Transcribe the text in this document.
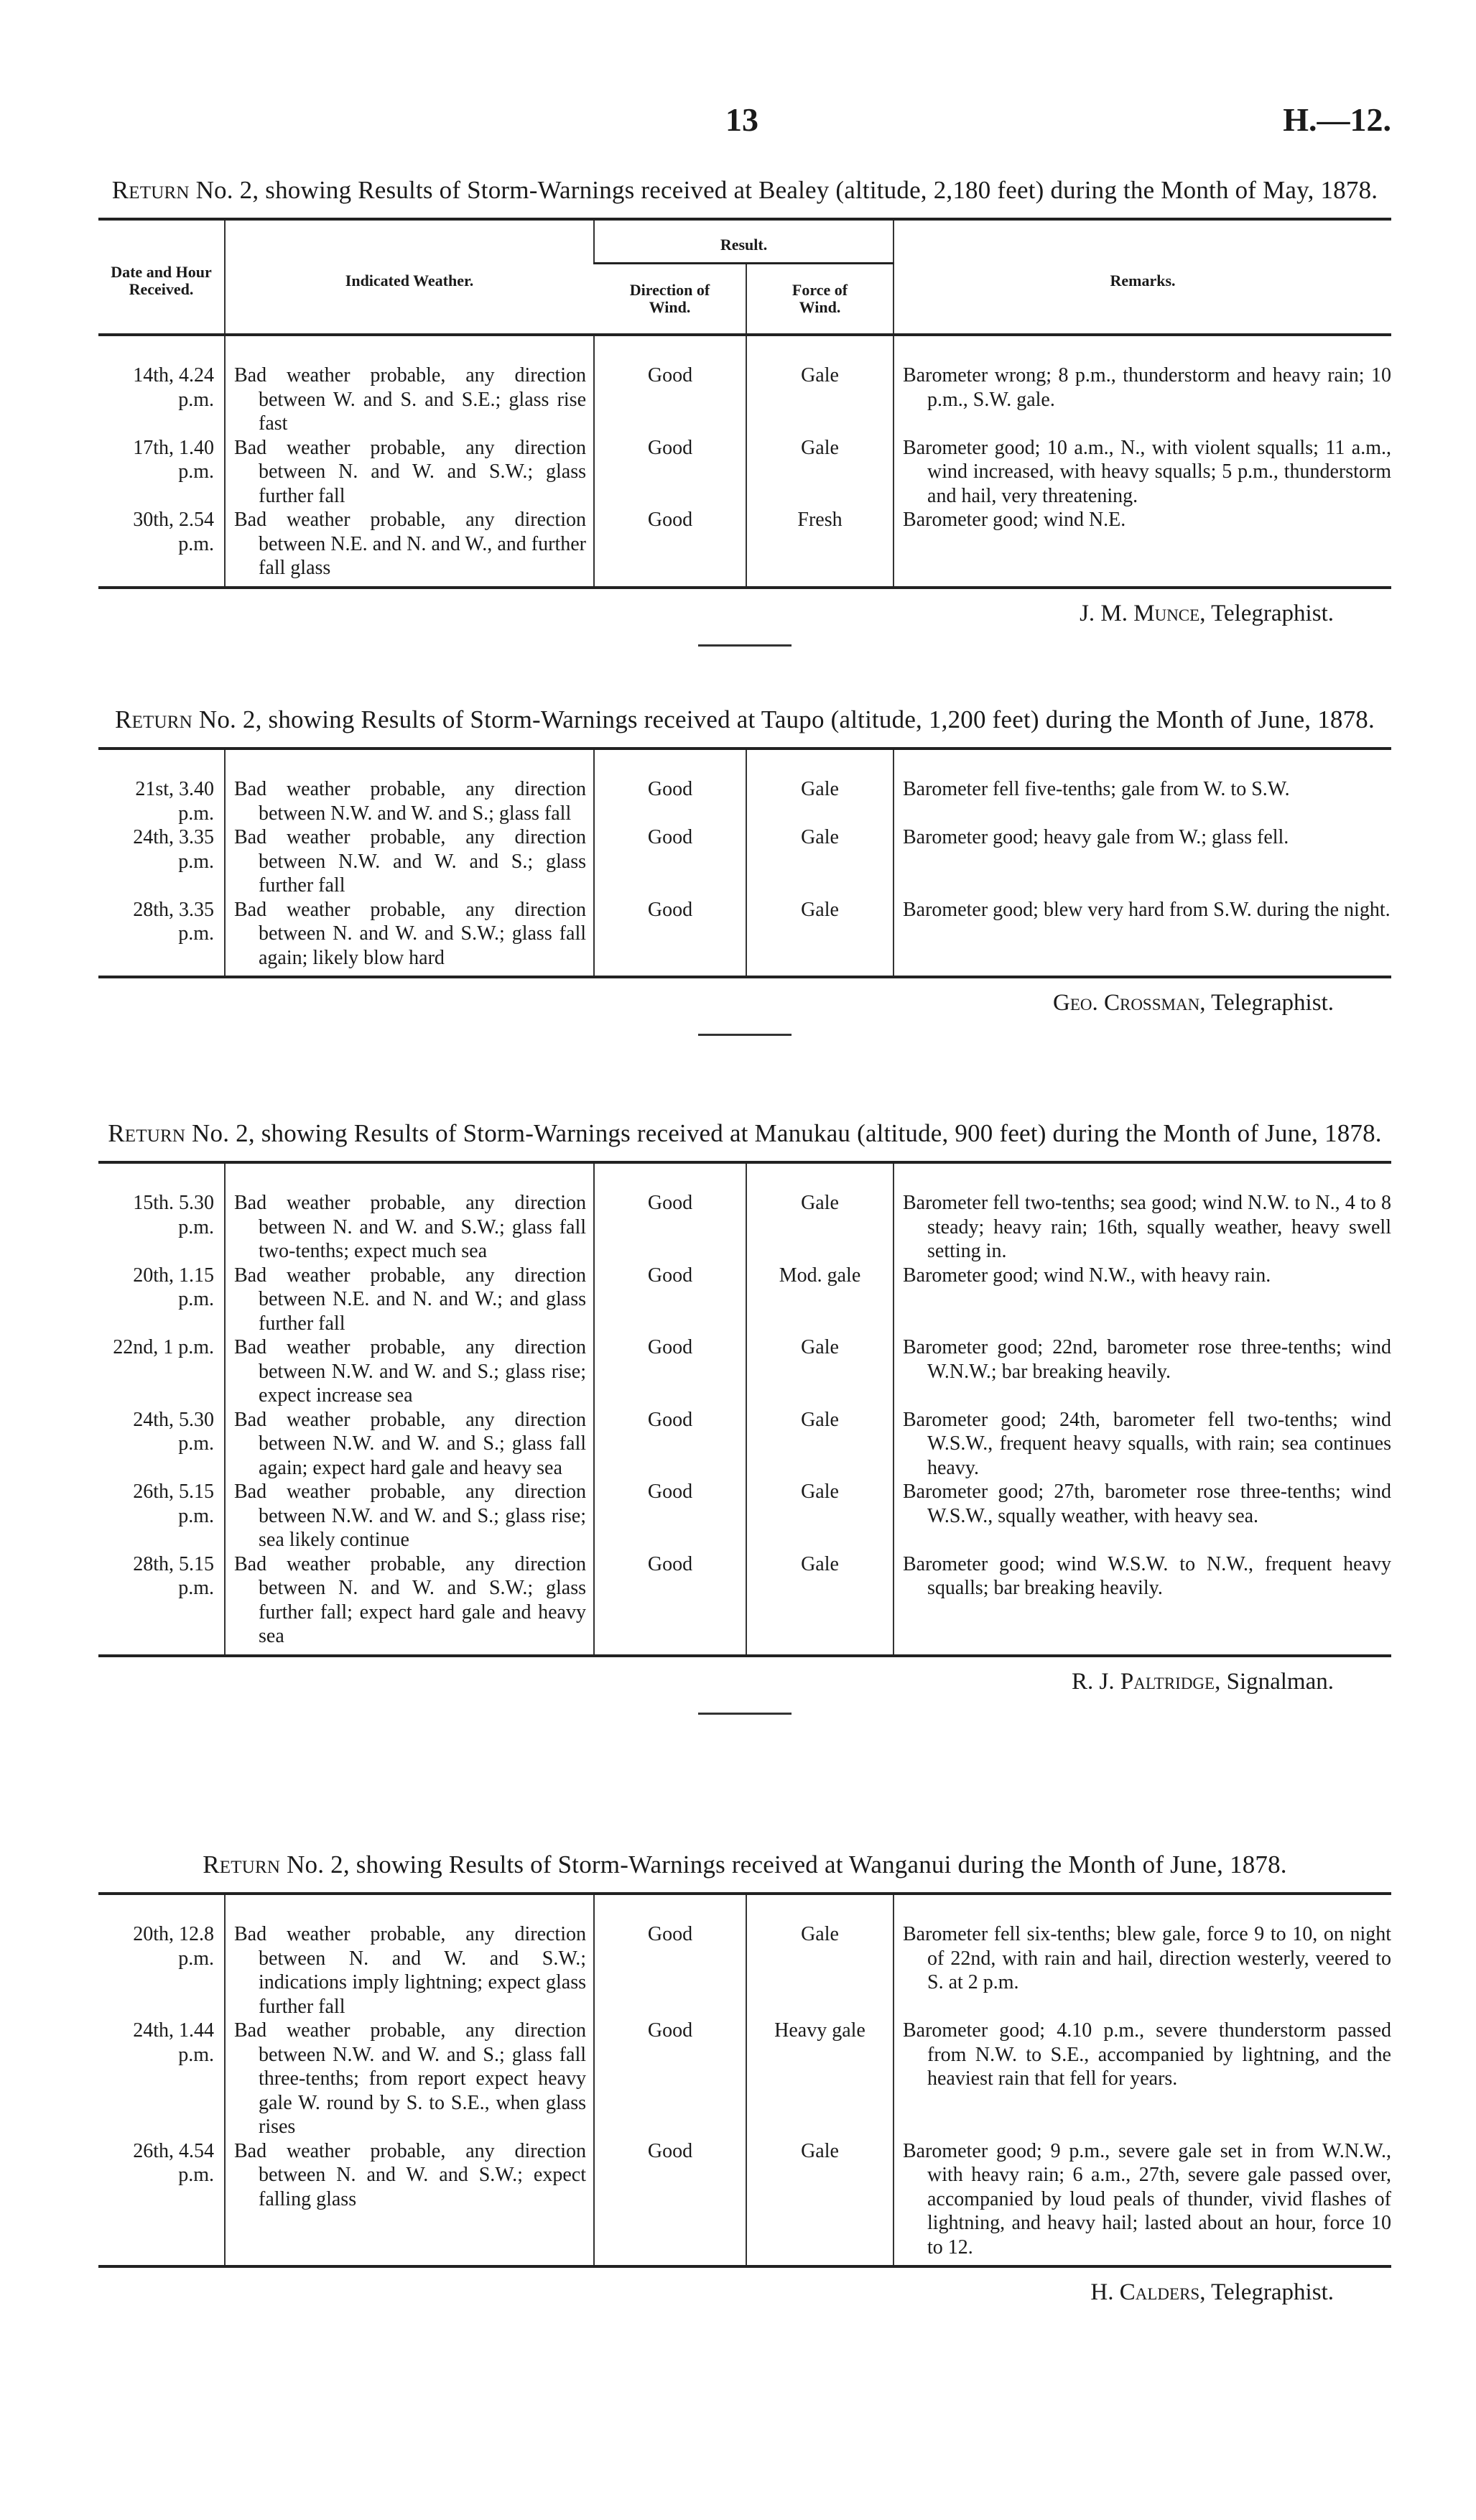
13	H.—12.
Return No. 2, showing Results of Storm-Warnings received at Bealey (altitude, 2,180 feet) during the Month of May, 1878.
Date and Hour Received.	Indicated Weather.	Result.		Remarks.
		Direction of Wind.	Force of Wind.	
14th, 4.24 p.m.	Bad weather probable, any direction between W. and S. and S.E.; glass rise fast	Good	Gale	Barometer wrong; 8 p.m., thunderstorm and heavy rain; 10 p.m., S.W. gale.

17th, 1.40 p.m.	Bad weather probable, any direction between N. and W. and S.W.; glass further fall	Good	Gale	Barometer good; 10 a.m., N., with violent squalls; 11 a.m., wind increased, with heavy squalls; 5 p.m., thunderstorm and hail, very threatening.

30th, 2.54 p.m.	Bad weather probable, any direction between N.E. and N. and W., and further fall glass	Good	Fresh	Barometer good; wind N.E.
J. M. Munce, Telegraphist.
Return No. 2, showing Results of Storm-Warnings received at Taupo (altitude, 1,200 feet) during the Month of June, 1878.
21st, 3.40 p.m.	Bad weather probable, any direction between N.W. and W. and S.; glass fall	Good	Gale	Barometer fell five-tenths; gale from W. to S.W.

24th, 3.35 p.m.	Bad weather probable, any direction between N.W. and W. and S.; glass further fall	Good	Gale	Barometer good; heavy gale from W.; glass fell.

28th, 3.35 p.m.	Bad weather probable, any direction between N. and W. and S.W.; glass fall again; likely blow hard	Good	Gale	Barometer good; blew very hard from S.W. during the night.
Geo. Crossman, Telegraphist.
Return No. 2, showing Results of Storm-Warnings received at Manukau (altitude, 900 feet) during the Month of June, 1878.
15th. 5.30 p.m.	Bad weather probable, any direction between N. and W. and S.W.; glass fall two-tenths; expect much sea	Good	Gale	Barometer fell two-tenths; sea good; wind N.W. to N., 4 to 8 steady; heavy rain; 16th, squally weather, heavy swell setting in.

20th, 1.15 p.m.	Bad weather probable, any direction between N.E. and N. and W.; and glass further fall	Good	Mod. gale	Barometer good; wind N.W., with heavy rain.

22nd, 1 p.m.	Bad weather probable, any direction between N.W. and W. and S.; glass rise; expect increase sea	Good	Gale	Barometer good; 22nd, barometer rose three-tenths; wind W.N.W.; bar breaking heavily.

24th, 5.30 p.m.	Bad weather probable, any direction between N.W. and W. and S.; glass fall again; expect hard gale and heavy sea	Good	Gale	Barometer good; 24th, barometer fell two-tenths; wind W.S.W., frequent heavy squalls, with rain; sea continues heavy.

26th, 5.15 p.m.	Bad weather probable, any direction between N.W. and W. and S.; glass rise; sea likely continue	Good	Gale	Barometer good; 27th, barometer rose three-tenths; wind W.S.W., squally weather, with heavy sea.

28th, 5.15 p.m.	Bad weather probable, any direction between N. and W. and S.W.; glass further fall; expect hard gale and heavy sea	Good	Gale	Barometer good; wind W.S.W. to N.W., frequent heavy squalls; bar breaking heavily.
R. J. Paltridge, Signalman.
Return No. 2, showing Results of Storm-Warnings received at Wanganui during the Month of June, 1878.
20th, 12.8 p.m.	Bad weather probable, any direction between N. and W. and S.W.; indications imply lightning; expect glass further fall	Good	Gale	Barometer fell six-tenths; blew gale, force 9 to 10, on night of 22nd, with rain and hail, direction westerly, veered to S. at 2 p.m.

24th, 1.44 p.m.	Bad weather probable, any direction between N.W. and W. and S.; glass fall three-tenths; from report expect heavy gale W. round by S. to S.E., when glass rises	Good	Heavy gale	Barometer good; 4.10 p.m., severe thunderstorm passed from N.W. to S.E., accompanied by lightning, and the heaviest rain that fell for years.

26th, 4.54 p.m.	Bad weather probable, any direction between N. and W. and S.W.; expect falling glass	Good	Gale	Barometer good; 9 p.m., severe gale set in from W.N.W., with heavy rain; 6 a.m., 27th, severe gale passed over, accompanied by loud peals of thunder, vivid flashes of lightning, and heavy hail; lasted about an hour, force 10 to 12.
H. Calders, Telegraphist.
